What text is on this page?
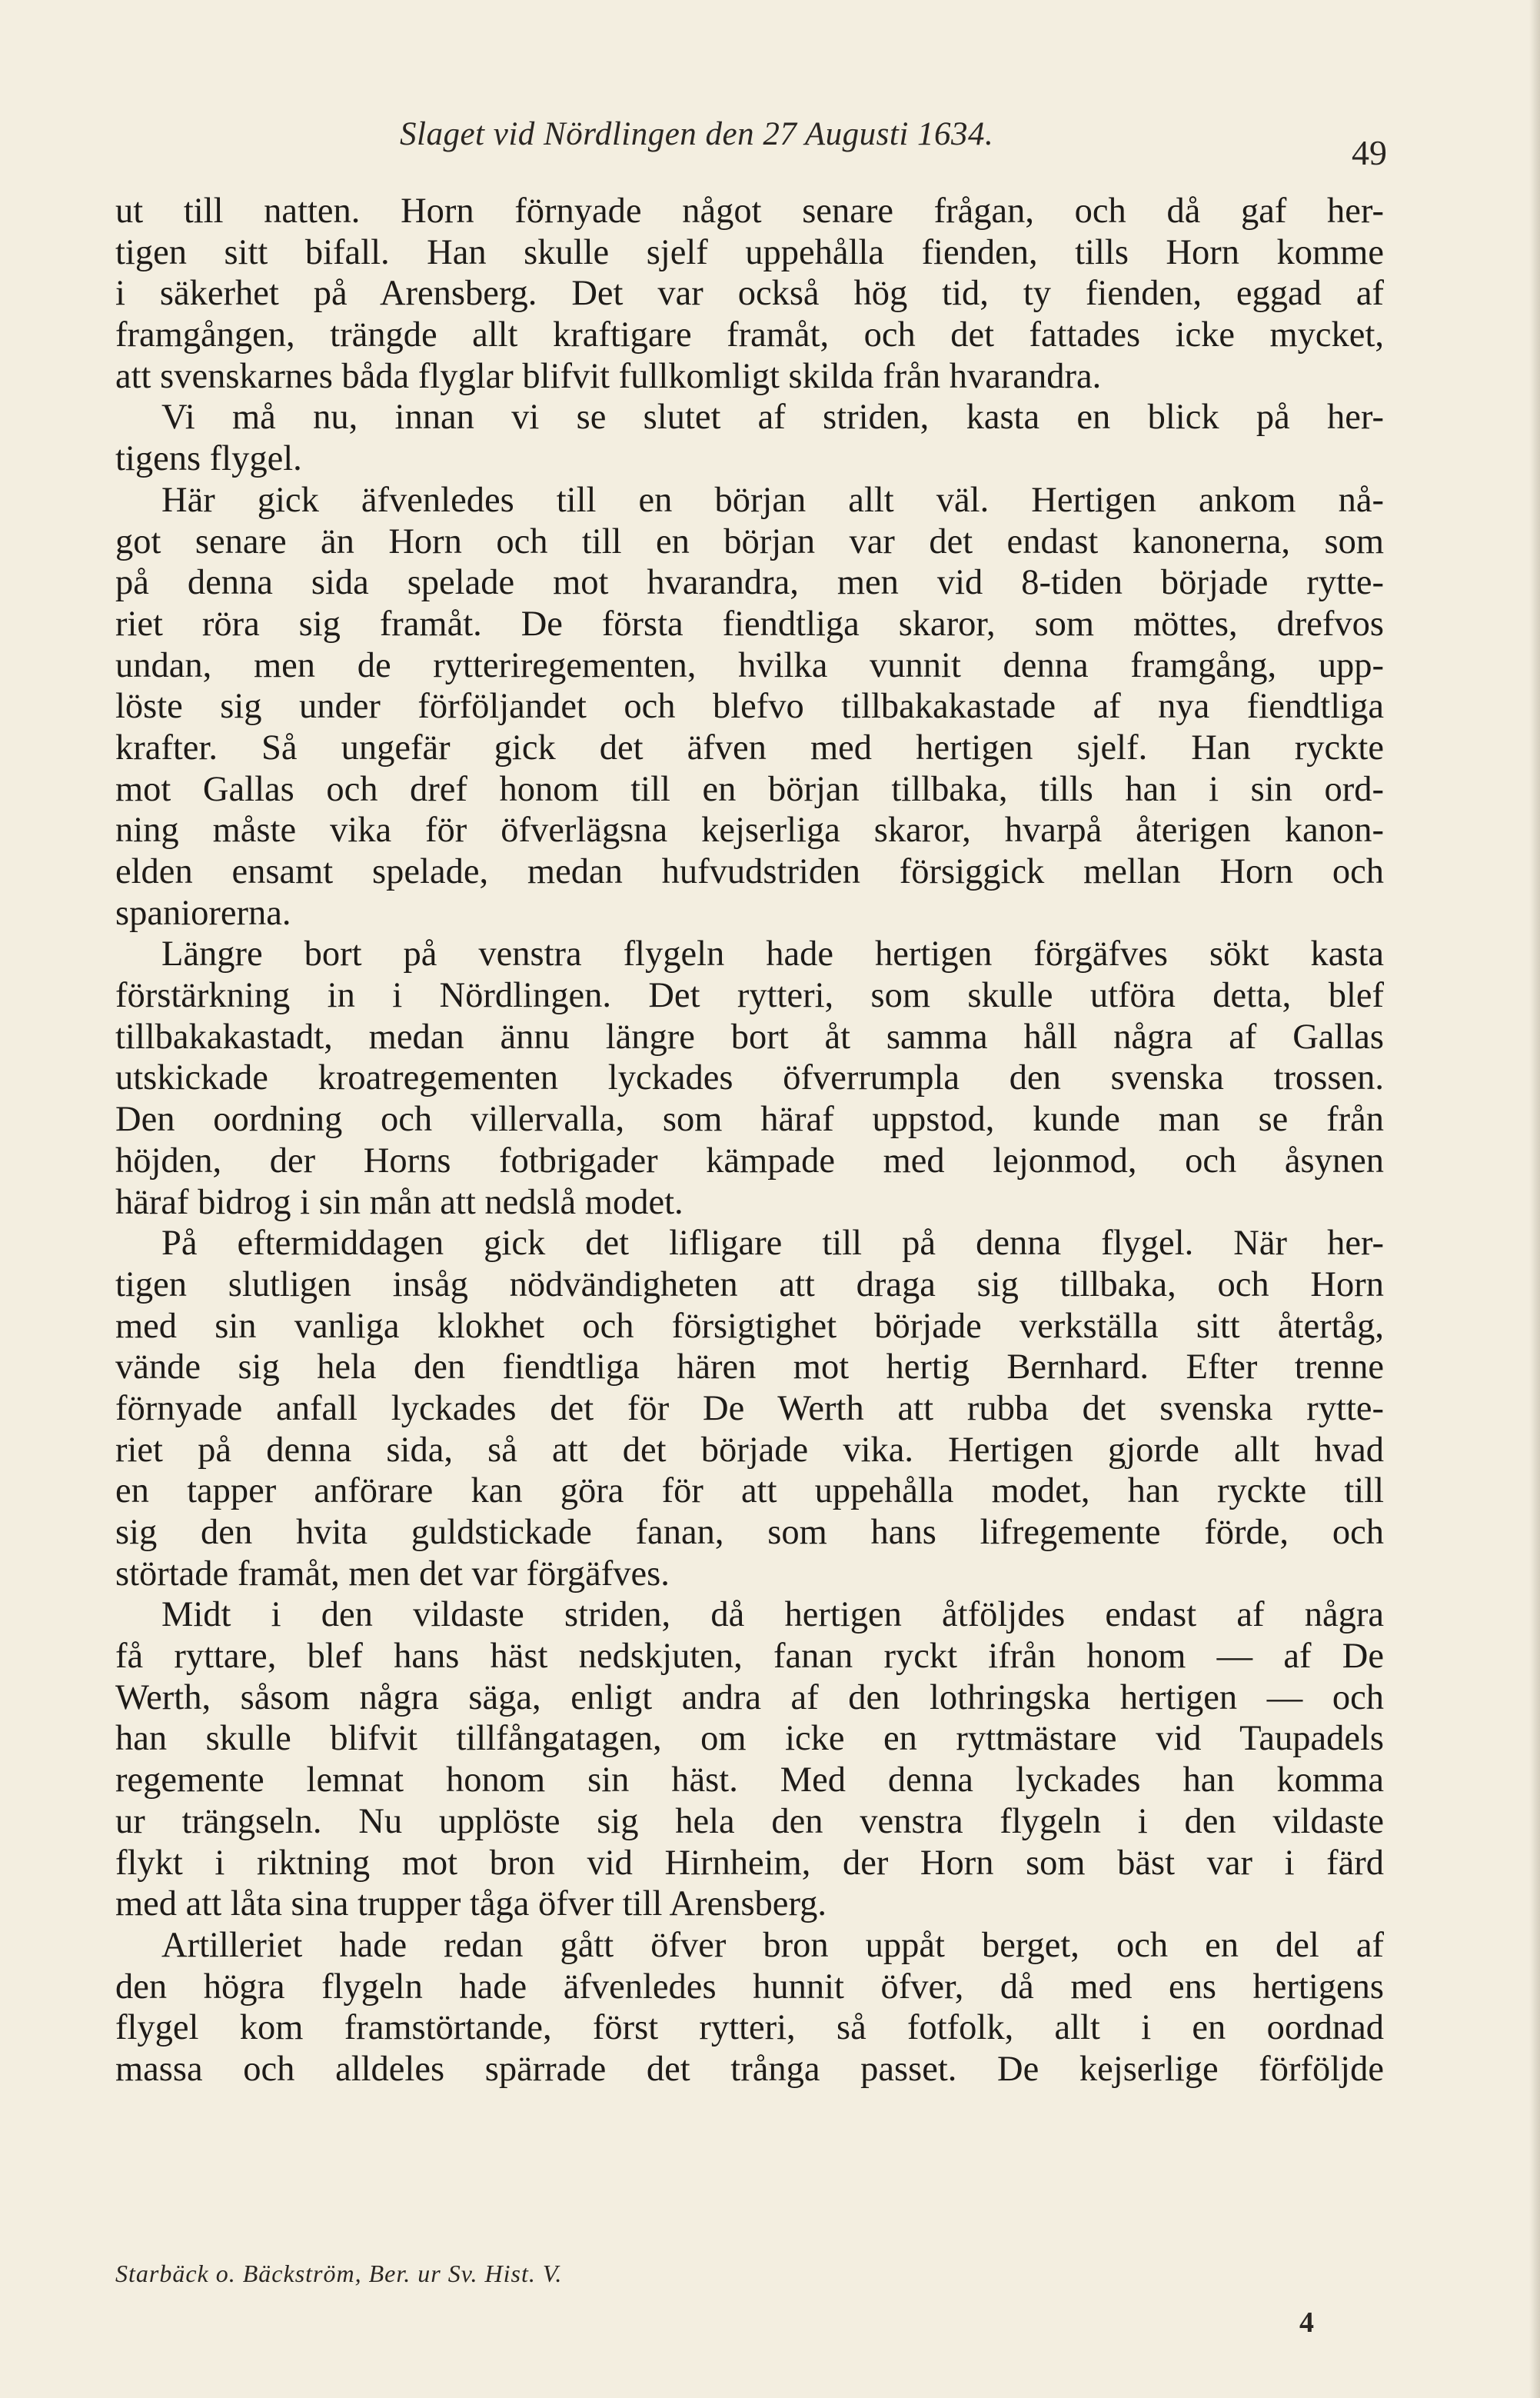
Slaget vid Nördlingen den 27 Augusti 1634.	49
ut till natten. Horn förnyade något senare frågan, och då gaf her-
tigen sitt bifall. Han skulle sjelf uppehålla fienden, tills Horn komme
i säkerhet på Arensberg. Det var också hög tid, ty fienden, eggad af
framgången, trängde allt kraftigare framåt, och det fattades icke mycket,
att svenskarnes båda flyglar blifvit fullkomligt skilda från hvarandra.
Vi må nu, innan vi se slutet af striden, kasta en blick på her-
tigens flygel.
Här gick äfvenledes till en början allt väl. Hertigen ankom nå-
got senare än Horn och till en början var det endast kanonerna, som
på denna sida spelade mot hvarandra, men vid 8-tiden började rytte-
riet röra sig framåt. De första fiendtliga skaror, som möttes, drefvos
undan, men de rytteriregementen, hvilka vunnit denna framgång, upp-
löste sig under förföljandet och blefvo tillbakakastade af nya fiendtliga
krafter. Så ungefär gick det äfven med hertigen sjelf. Han ryckte
mot Gallas och dref honom till en början tillbaka, tills han i sin ord-
ning måste vika för öfverlägsna kejserliga skaror, hvarpå återigen kanon-
elden ensamt spelade, medan hufvudstriden försiggick mellan Horn och
spaniorerna.
Längre bort på venstra flygeln hade hertigen förgäfves sökt kasta
förstärkning in i Nördlingen. Det rytteri, som skulle utföra detta, blef
tillbakakastadt, medan ännu längre bort åt samma håll några af Gallas
utskickade kroatregementen lyckades öfverrumpla den svenska trossen.
Den oordning och villervalla, som häraf uppstod, kunde man se från
höjden, der Horns fotbrigader kämpade med lejonmod, och åsynen
häraf bidrog i sin mån att nedslå modet.
På eftermiddagen gick det lifligare till på denna flygel. När her-
tigen slutligen insåg nödvändigheten att draga sig tillbaka, och Horn
med sin vanliga klokhet och försigtighet började verkställa sitt återtåg,
vände sig hela den fiendtliga hären mot hertig Bernhard. Efter trenne
förnyade anfall lyckades det för De Werth att rubba det svenska rytte-
riet på denna sida, så att det började vika. Hertigen gjorde allt hvad
en tapper anförare kan göra för att uppehålla modet, han ryckte till
sig den hvita guldstickade fanan, som hans lifregemente förde, och
störtade framåt, men det var förgäfves.
Midt i den vildaste striden, då hertigen åtföljdes endast af några
få ryttare, blef hans häst nedskjuten, fanan ryckt ifrån honom — af De
Werth, såsom några säga, enligt andra af den lothringska hertigen — och
han skulle blifvit tillfångatagen, om icke en ryttmästare vid Taupadels
regemente lemnat honom sin häst. Med denna lyckades han komma
ur trängseln. Nu upplöste sig hela den venstra flygeln i den vildaste
flykt i riktning mot bron vid Hirnheim, der Horn som bäst var i färd
med att låta sina trupper tåga öfver till Arensberg.
Artilleriet hade redan gått öfver bron uppåt berget, och en del af
den högra flygeln hade äfvenledes hunnit öfver, då med ens hertigens
flygel kom framstörtande, först rytteri, så fotfolk, allt i en oordnad
massa och alldeles spärrade det trånga passet. De kejserlige förföljde
Starbäck o. Bäckström, Ber. ur Sv. Hist. V.
4
